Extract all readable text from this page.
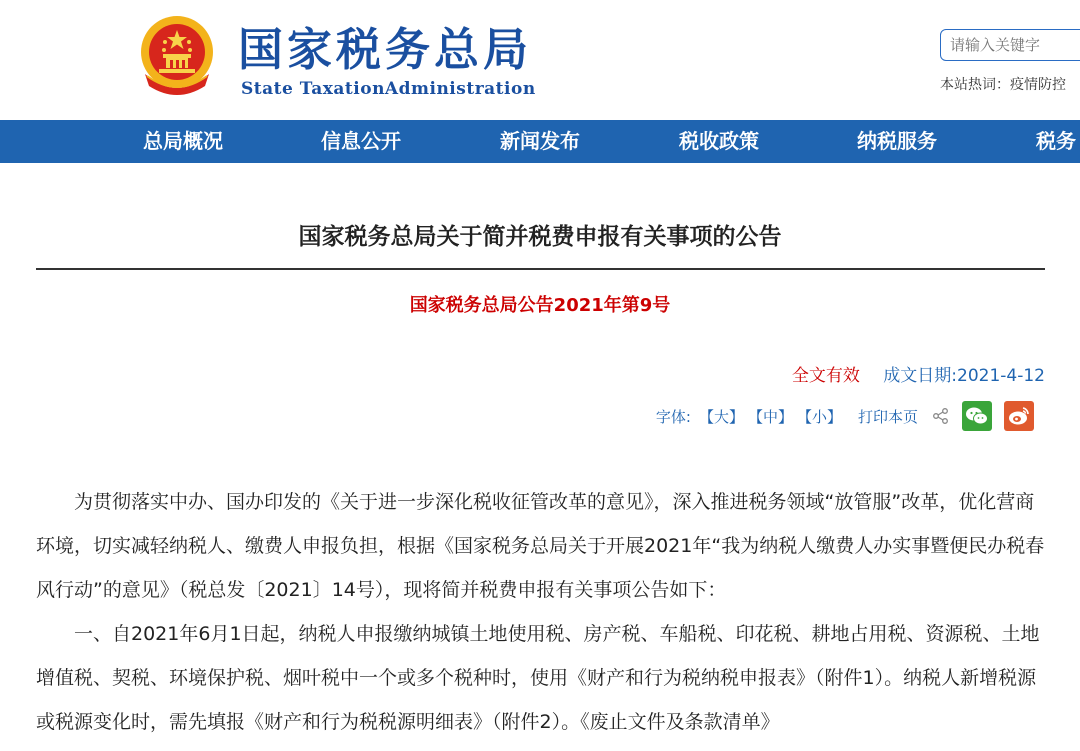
国家税务总局
State TaxationAdministration
请输入关键字	本站热词：疫情防控
总局概况	信息公开	新闻发布	税收政策	纳税服务	税务
国家税务总局关于简并税费申报有关事项的公告
国家税务总局公告2021年第9号
全文有效 成文日期:2021-4-12
字体: 【大】 【中】 【小】 打印本页

为贯彻落实中办、国办印发的《关于进一步深化税收征管改革的意见》，深入推进税务领域“放管服”改革，优化营商环境，切实减轻纳税人、缴费人申报负担，根据《国家税务总局关于开展2021年“我为纳税人缴费人办实事暨便民办税春风行动”的意见》（税总发〔2021〕14号），现将简并税费申报有关事项公告如下：

一、自2021年6月1日起，纳税人申报缴纳城镇土地使用税、房产税、车船税、印花税、耕地占用税、资源税、土地增值税、契税、环境保护税、烟叶税中一个或多个税种时，使用《财产和行为税纳税申报表》（附件1）。纳税人新增税源或税源变化时，需先填报《财产和行为税税源明细表》（附件2）。《废止文件及条款清单》
